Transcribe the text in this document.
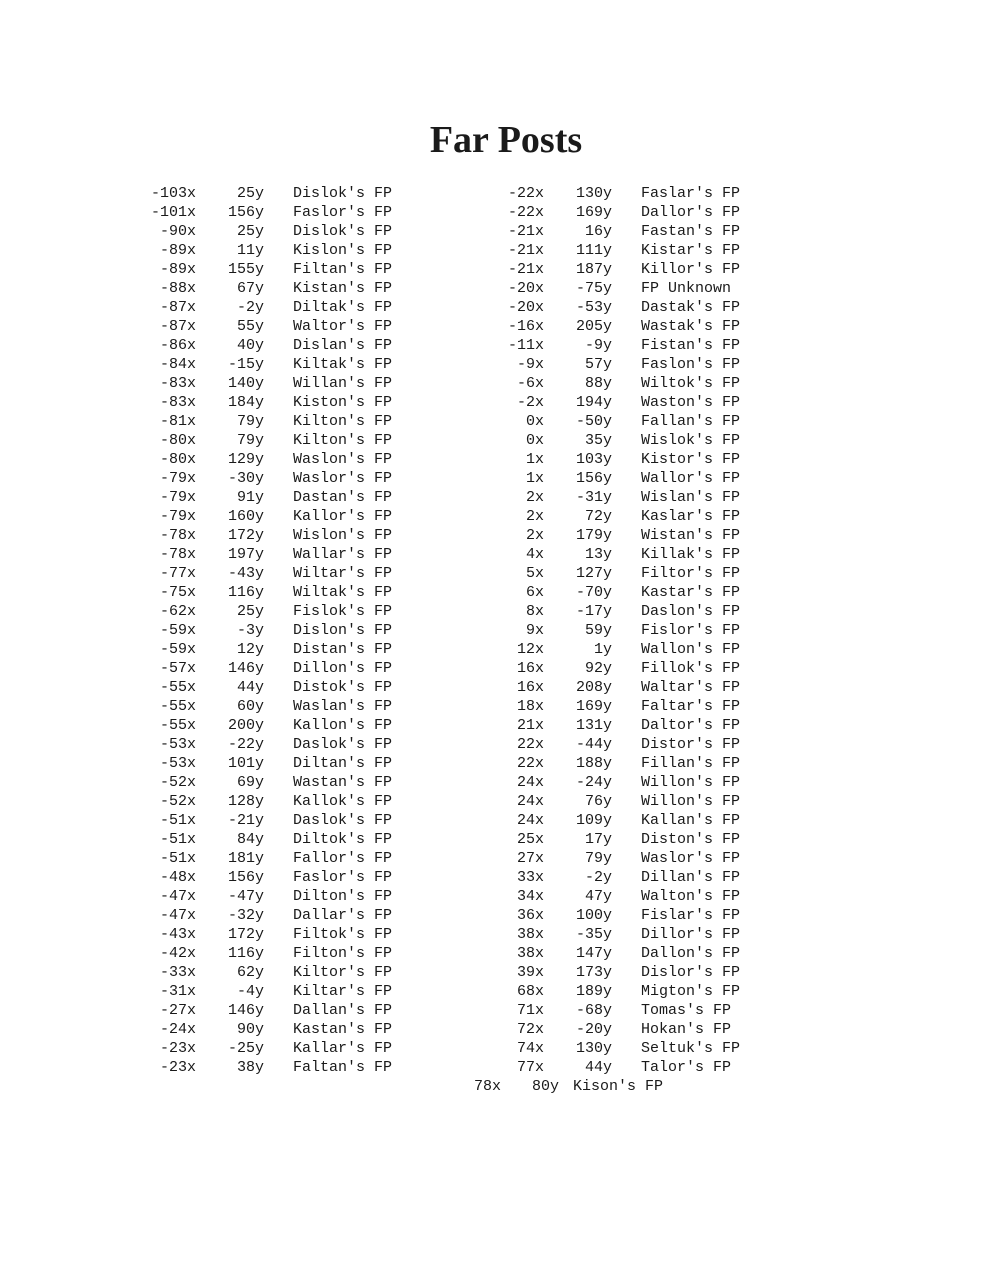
Far Posts
-103x	25y Dislok's FP
-101x	156y Faslor's FP
-90x	25y Dislok's FP
-89x	11y Kislon's FP
-89x	155y Filtan's FP
-88x	67y Kistan's FP
-87x	-2y Diltak's FP
-87x	55y Waltor's FP
-86x	40y Dislan's FP
-84x	-15y Kiltak's FP
-83x	140y Willan's FP
-83x	184y Kiston's FP
-81x	79y Kilton's FP
-80x	79y Kilton's FP
-80x	129y Waslon's FP
-79x	-30y Waslor's FP
-79x	91y Dastan's FP
-79x	160y Kallor's FP
-78x	172y Wislon's FP
-78x	197y Wallar's FP
-77x	-43y Wiltar's FP
-75x	116y Wiltak's FP
-62x	25y Fislok's FP
-59x	-3y Dislon's FP
-59x	12y Distan's FP
-57x	146y Dillon's FP
-55x	44y Distok's FP
-55x	60y Waslan's FP
-55x	200y Kallon's FP
-53x	-22y Daslok's FP
-53x	101y Diltan's FP
-52x	69y Wastan's FP
-52x	128y Kallok's FP
-51x	-21y Daslok's FP
-51x	84y Diltok's FP
-51x	181y Fallor's FP
-48x	156y Faslor's FP
-47x	-47y Dilton's FP
-47x	-32y Dallar's FP
-43x	172y Filtok's FP
-42x	116y Filton's FP
-33x	62y Kiltor's FP
-31x	-4y Kiltar's FP
-27x	146y Dallan's FP
-24x	90y Kastan's FP
-23x	-25y Kallar's FP
-23x	38y Faltan's FP
-22x	130y Faslar's FP
-22x	169y Dallor's FP
-21x	16y Fastan's FP
-21x	111y Kistar's FP
-21x	187y Killor's FP
-20x	-75y FP Unknown
-20x	-53y Dastak's FP
-16x	205y Wastak's FP
-11x	-9y Fistan's FP
-9x	57y Faslon's FP
-6x	88y Wiltok's FP
-2x	194y Waston's FP
0x	-50y Fallan's FP
0x	35y Wislok's FP
1x	103y Kistor's FP
1x	156y Wallor's FP
2x	-31y Wislan's FP
2x	72y Kaslar's FP
2x	179y Wistan's FP
4x	13y Killak's FP
5x	127y Filtor's FP
6x	-70y Kastar's FP
8x	-17y Daslon's FP
9x	59y Fislor's FP
12x	1y Wallon's FP
16x	92y Fillok's FP
16x	208y Waltar's FP
18x	169y Faltar's FP
21x	131y Daltor's FP
22x	-44y Distor's FP
22x	188y Fillan's FP
24x	-24y Willon's FP
24x	76y Willon's FP
24x	109y Kallan's FP
25x	17y Diston's FP
27x	79y Waslor's FP
33x	-2y Dillan's FP
34x	47y Walton's FP
36x	100y Fislar's FP
38x	-35y Dillor's FP
38x	147y Dallon's FP
39x	173y Dislor's FP
68x	189y Migton's FP
71x	-68y Tomas's FP
72x	-20y Hokan's FP
74x	130y Seltuk's FP
77x	44y Talor's FP
78x	80y Kison's FP
